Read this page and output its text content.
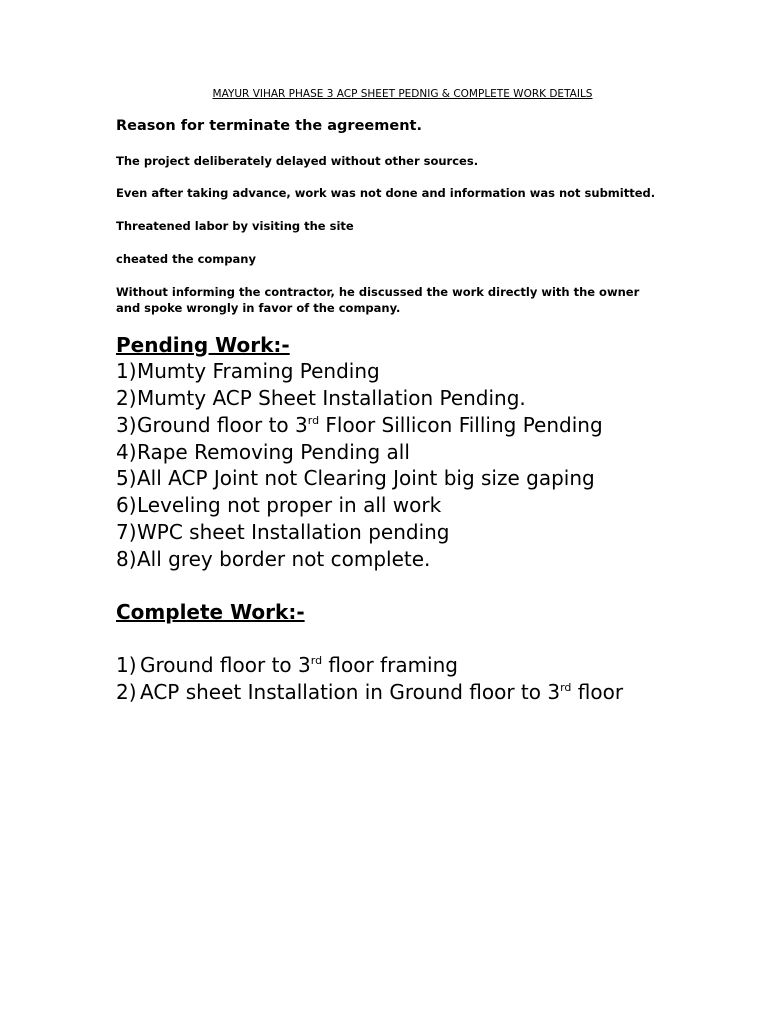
MAYUR VIHAR PHASE 3 ACP SHEET PEDNIG & COMPLETE WORK DETAILS
Reason for terminate the agreement.
The project deliberately delayed without other sources.
Even after taking advance, work was not done and information was not submitted.
Threatened labor by visiting the site
cheated the company
Without informing the contractor, he discussed the work directly with the owner and spoke wrongly in favor of the company.
Pending Work:-
1)Mumty Framing Pending
2)Mumty ACP Sheet Installation Pending.
3)Ground floor to 3rd Floor Sillicon Filling Pending
4)Rape Removing Pending all
5)All ACP Joint not Clearing Joint big size gaping
6)Leveling not proper in all work
7)WPC sheet Installation pending
8)All grey border not complete.
Complete Work:-
1) Ground floor to 3rd floor framing
2) ACP sheet Installation in Ground floor to 3rd floor
